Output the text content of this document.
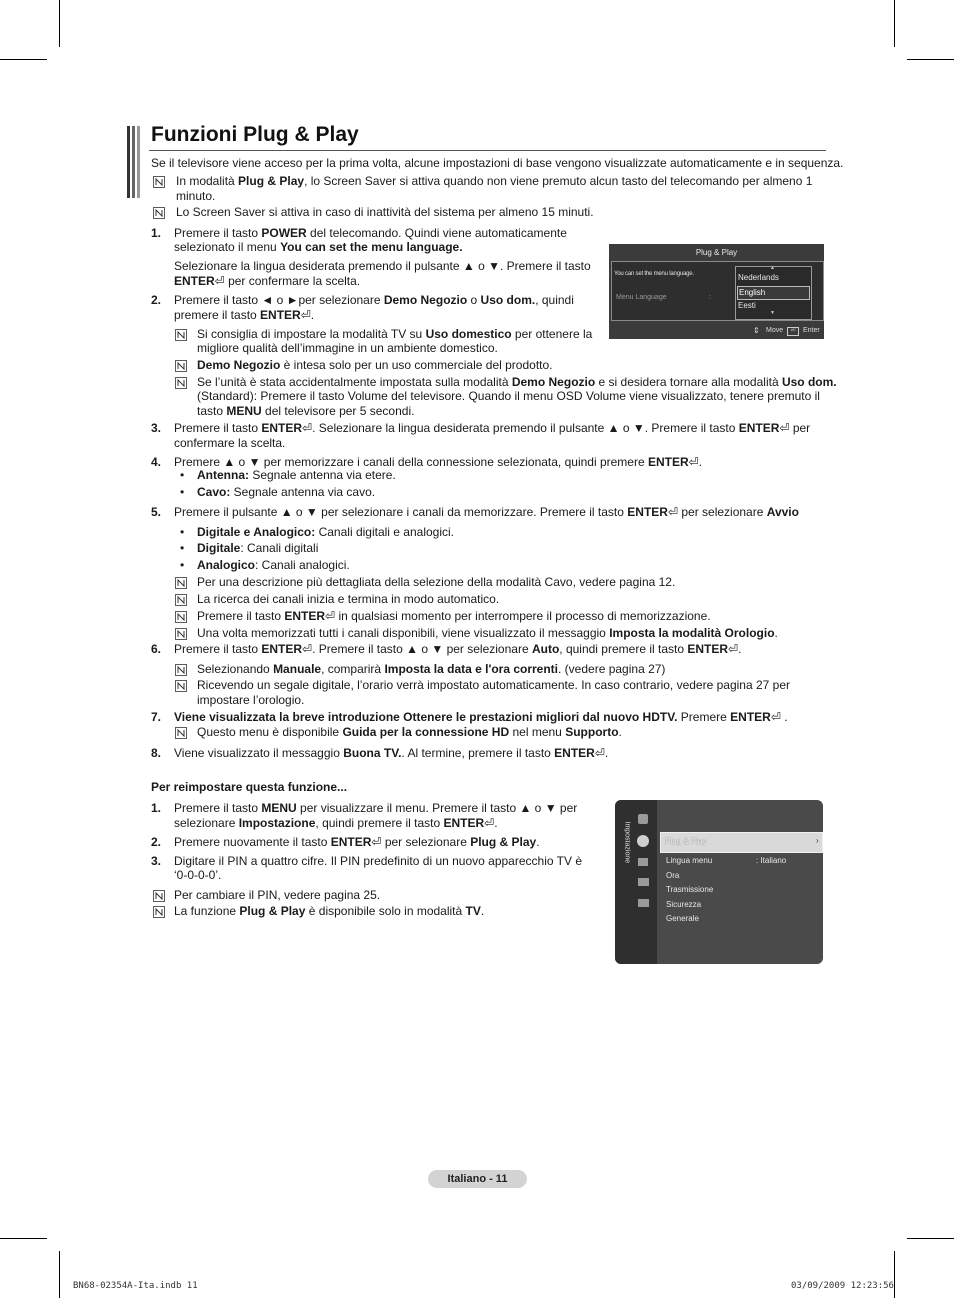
Funzioni Plug & Play
Se il televisore viene acceso per la prima volta, alcune impostazioni di base vengono visualizzate automaticamente e in sequenza.
In modalità Plug & Play, lo Screen Saver si attiva quando non viene premuto alcun tasto del telecomando per almeno 1
minuto.
Lo Screen Saver si attiva in caso di inattività del sistema per almeno 15 minuti.
1. Premere il tasto POWER del telecomando. Quindi viene automaticamente
selezionato il menu You can set the menu language.
Selezionare la lingua desiderata premendo il pulsante ▲ o ▼. Premere il tasto
ENTER⏎ per confermare la scelta.
2. Premere il tasto ◄ o ►per selezionare Demo Negozio o Uso dom., quindi
premere il tasto ENTER⏎.
Si consiglia di impostare la modalità TV su Uso domestico per ottenere la
migliore qualità dell’immagine in un ambiente domestico.
Demo Negozio è intesa solo per un uso commerciale del prodotto.
Se l’unità è stata accidentalmente impostata sulla modalità Demo Negozio e si desidera tornare alla modalità Uso dom.
(Standard): Premere il tasto Volume del televisore. Quando il menu OSD Volume viene visualizzato, tenere premuto il
tasto MENU del televisore per 5 secondi.
3. Premere il tasto ENTER⏎. Selezionare la lingua desiderata premendo il pulsante ▲ o ▼. Premere il tasto ENTER⏎ per
confermare la scelta.
4. Premere ▲ o ▼ per memorizzare i canali della connessione selezionata, quindi premere ENTER⏎.
• Antenna: Segnale antenna via etere.
• Cavo: Segnale antenna via cavo.
5. Premere il pulsante ▲ o ▼ per selezionare i canali da memorizzare. Premere il tasto ENTER⏎ per selezionare Avvio
• Digitale e Analogico: Canali digitali e analogici.
• Digitale: Canali digitali
• Analogico: Canali analogici.
Per una descrizione più dettagliata della selezione della modalità Cavo, vedere pagina 12.
La ricerca dei canali inizia e termina in modo automatico.
Premere il tasto ENTER⏎ in qualsiasi momento per interrompere il processo di memorizzazione.
Una volta memorizzati tutti i canali disponibili, viene visualizzato il messaggio Imposta la modalità Orologio.
6. Premere il tasto ENTER⏎. Premere il tasto ▲ o ▼ per selezionare Auto, quindi premere il tasto ENTER⏎.
Selezionando Manuale, comparirà Imposta la data e l'ora correnti. (vedere pagina 27)
Ricevendo un segale digitale, l’orario verrà impostato automaticamente. In caso contrario, vedere pagina 27 per
impostare l’orologio.
7. Viene visualizzata la breve introduzione Ottenere le prestazioni migliori dal nuovo HDTV. Premere ENTER⏎ .
Questo menu è disponibile Guida per la connessione HD nel menu Supporto.
8. Viene visualizzato il messaggio Buona TV.. Al termine, premere il tasto ENTER⏎.
Per reimpostare questa funzione...
1. Premere il tasto MENU per visualizzare il menu. Premere il tasto ▲ o ▼ per
selezionare Impostazione, quindi premere il tasto ENTER⏎.
2. Premere nuovamente il tasto ENTER⏎ per selezionare Plug & Play.
3. Digitare il PIN a quattro cifre. Il PIN predefinito di un nuovo apparecchio TV è
‘0-0-0-0’.
Per cambiare il PIN, vedere pagina 25.
La funzione Plug & Play è disponibile solo in modalità TV.
Plug & Play
You can set the menu language.
Menu Language	:
▲
Nederlands
English
Eesti
▼
⇕ Move	⏎	Enter
Impostazione	Plug & Play	›
Lingua menu	: Italiano
Ora
Trasmissione
Sicurezza
Generale
Italiano - 11
BN68-02354A-Ita.indb 11	03/09/2009 12:23:56
